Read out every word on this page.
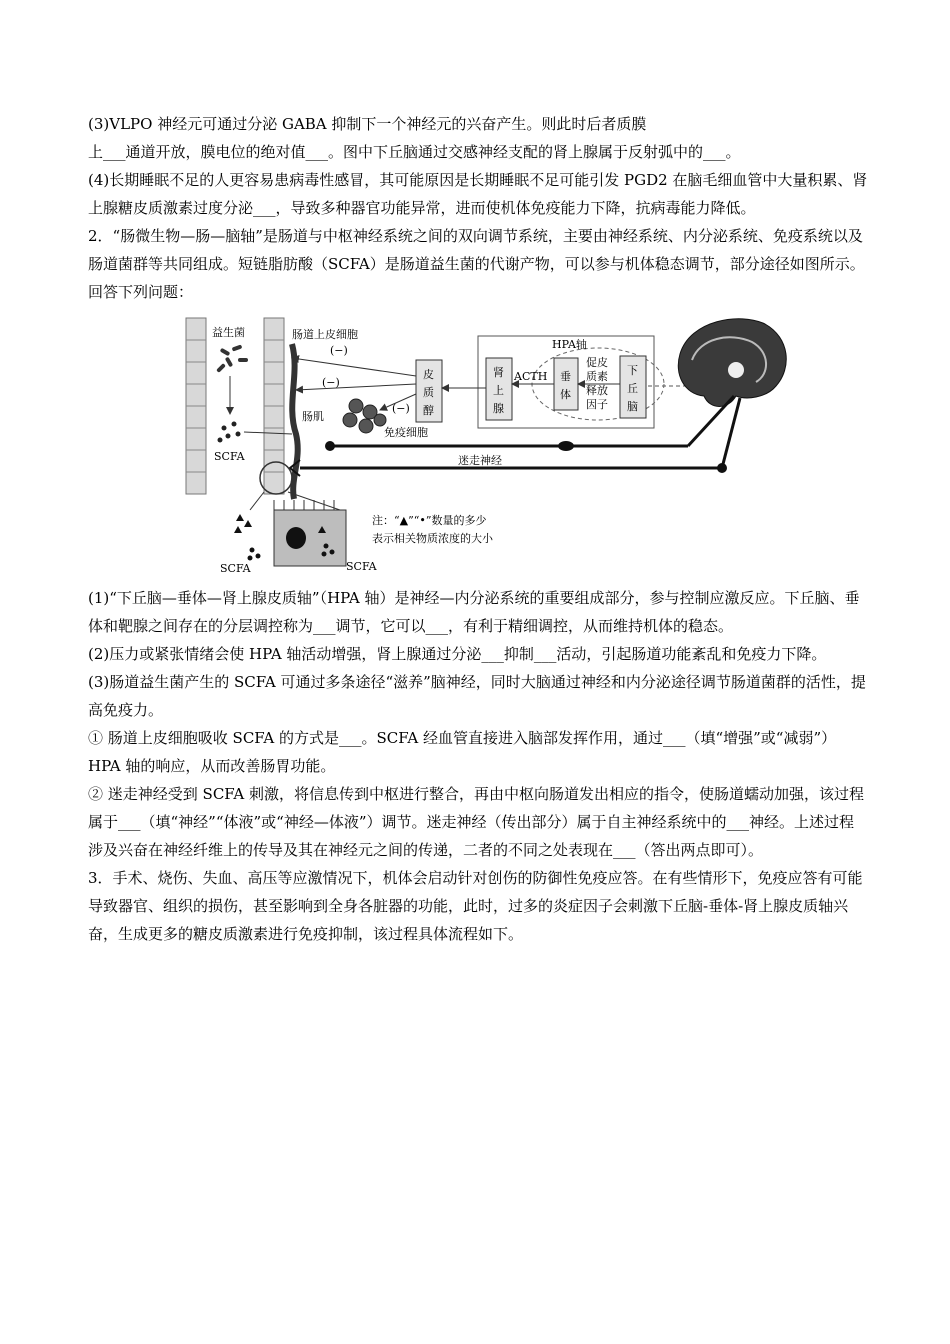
(3)VLPO 神经元可通过分泌 GABA 抑制下一个神经元的兴奋产生。则此时后者质膜

上___通道开放，膜电位的绝对值___。图中下丘脑通过交感神经支配的肾上腺属于反射弧中的___。

(4)长期睡眠不足的人更容易患病毒性感冒，其可能原因是长期睡眠不足可能引发 PGD2 在脑毛细血管中大量积累、肾上腺糖皮质激素过度分泌___，导致多种器官功能异常，进而使机体免疫能力下降，抗病毒能力降低。

2．“肠微生物—肠—脑轴”是肠道与中枢神经系统之间的双向调节系统，主要由神经系统、内分泌系统、免疫系统以及肠道菌群等共同组成。短链脂肪酸（SCFA）是肠道益生菌的代谢产物，可以参与机体稳态调节，部分途径如图所示。回答下列问题：

益生菌	肠道上皮细胞
(−)
(−)
(−)
肠肌
免疫细胞
SCFA
皮
质
醇
肾
上
腺
ACTH
HPA轴
垂
体
促皮
质素
释放
因子
下
丘
脑
迷走神经
SCFA	SCFA
注：“▲”“•”数量的多少
表示相关物质浓度的大小

(1)“下丘脑—垂体—肾上腺皮质轴”（HPA 轴）是神经—内分泌系统的重要组成部分，参与控制应激反应。下丘脑、垂体和靶腺之间存在的分层调控称为___调节，它可以___，有利于精细调控，从而维持机体的稳态。

(2)压力或紧张情绪会使 HPA 轴活动增强，肾上腺通过分泌___抑制___活动，引起肠道功能紊乱和免疫力下降。

(3)肠道益生菌产生的 SCFA 可通过多条途径“滋养”脑神经，同时大脑通过神经和内分泌途径调节肠道菌群的活性，提高免疫力。

① 肠道上皮细胞吸收 SCFA 的方式是___。SCFA 经血管直接进入脑部发挥作用，通过___（填“增强”或“减弱”）HPA 轴的响应，从而改善肠胃功能。

② 迷走神经受到 SCFA 刺激，将信息传到中枢进行整合，再由中枢向肠道发出相应的指令，使肠道蠕动加强，该过程属于___（填“神经”“体液”或“神经—体液”）调节。迷走神经（传出部分）属于自主神经系统中的___神经。上述过程涉及兴奋在神经纤维上的传导及其在神经元之间的传递，二者的不同之处表现在___（答出两点即可）。

3．手术、烧伤、失血、高压等应激情况下，机体会启动针对创伤的防御性免疫应答。在有些情形下，免疫应答有可能导致器官、组织的损伤，甚至影响到全身各脏器的功能，此时，过多的炎症因子会刺激下丘脑-垂体-肾上腺皮质轴兴奋，生成更多的糖皮质激素进行免疫抑制，该过程具体流程如下。
